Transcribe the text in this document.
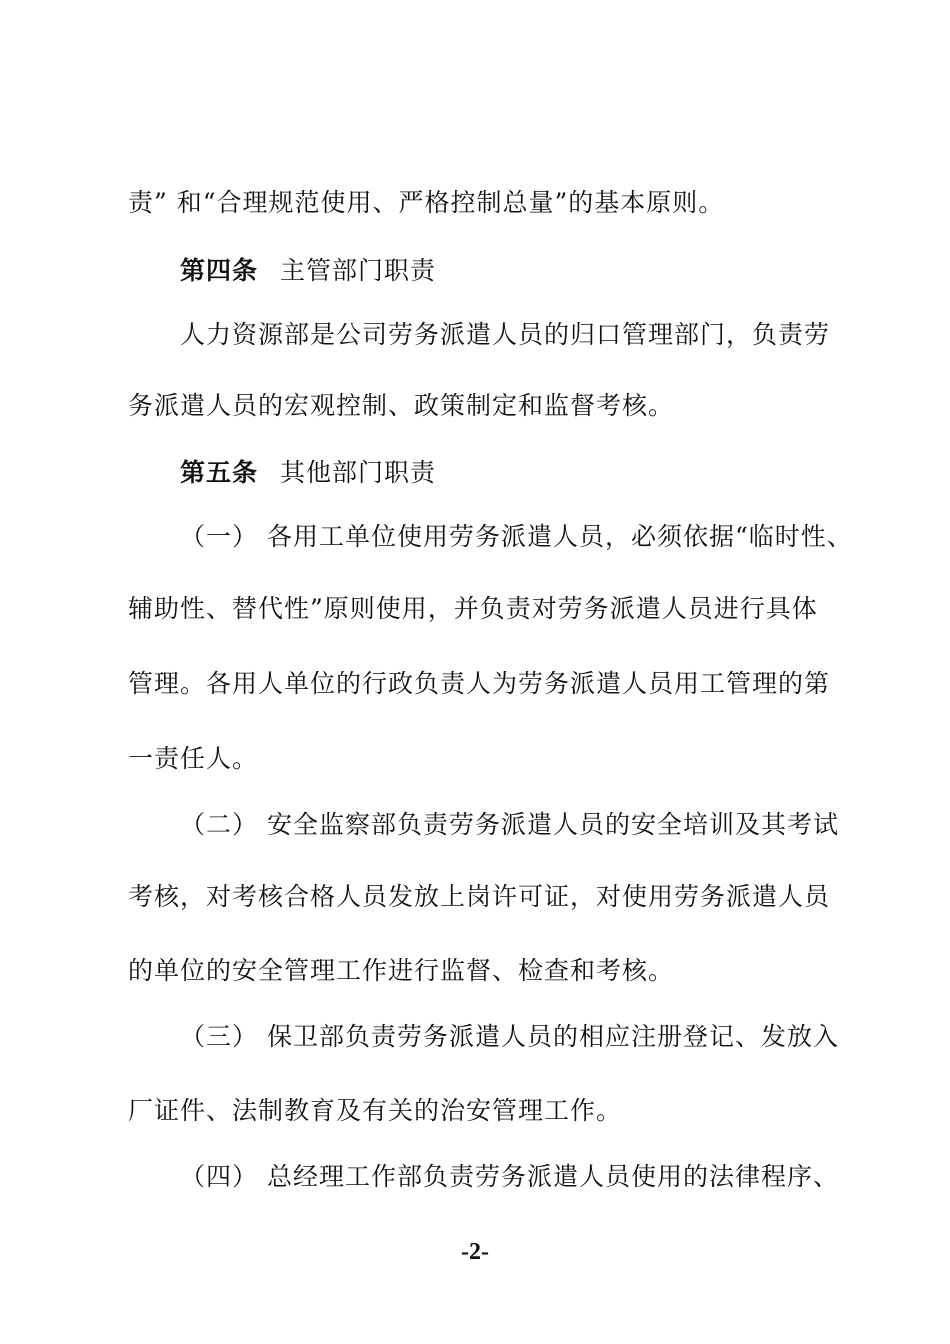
责” 和“合理规范使用、严格控制总量”的基本原则。
第四条 主管部门职责
人力资源部是公司劳务派遣人员的归口管理部门，负责劳
务派遣人员的宏观控制、政策制定和监督考核。
第五条 其他部门职责
（一） 各用工单位使用劳务派遣人员，必须依据“临时性、
辅助性、替代性”原则使用，并负责对劳务派遣人员进行具体
管理。各用人单位的行政负责人为劳务派遣人员用工管理的第
一责任人。
（二） 安全监察部负责劳务派遣人员的安全培训及其考试
考核，对考核合格人员发放上岗许可证，对使用劳务派遣人员
的单位的安全管理工作进行监督、检查和考核。
（三） 保卫部负责劳务派遣人员的相应注册登记、发放入
厂证件、法制教育及有关的治安管理工作。
（四） 总经理工作部负责劳务派遣人员使用的法律程序、
-2-
